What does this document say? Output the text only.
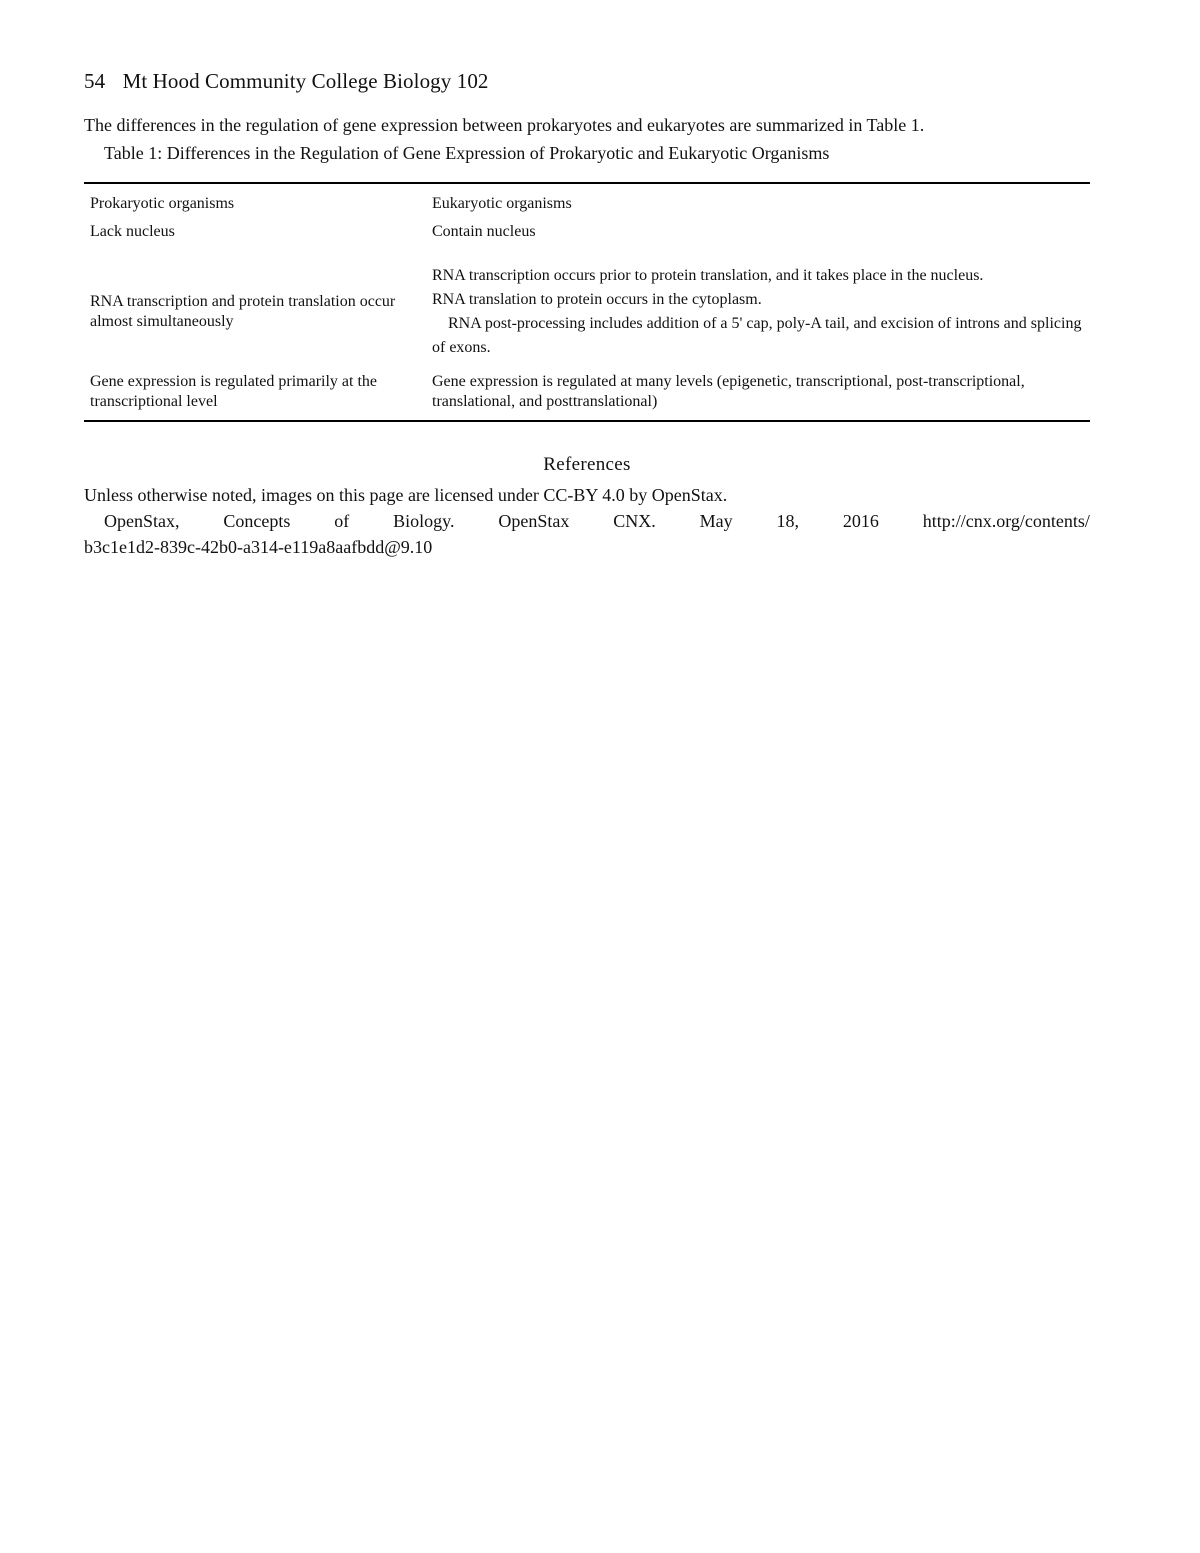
54 Mt Hood Community College Biology 102

The differences in the regulation of gene expression between prokaryotes and eukaryotes are summarized in Table 1.

Table 1: Differences in the Regulation of Gene Expression of Prokaryotic and Eukaryotic Organisms

Prokaryotic organisms	Eukaryotic organisms
Lack nucleus	Contain nucleus
RNA transcription and protein translation occur almost simultaneously	RNA transcription occurs prior to protein translation, and it takes place in the nucleus.
RNA translation to protein occurs in the cytoplasm.
RNA post-processing includes addition of a 5' cap, poly-A tail, and excision of introns and splicing of exons.

Gene expression is regulated primarily at the transcriptional level	Gene expression is regulated at many levels (epigenetic, transcriptional, post-transcriptional, translational, and posttranslational)
References

Unless otherwise noted, images on this page are licensed under CC-BY 4.0 by OpenStax.

OpenStax, Concepts of Biology. OpenStax CNX. May 18, 2016 http://cnx.org/contents/
b3c1e1d2-839c-42b0-a314-e119a8aafbdd@9.10
